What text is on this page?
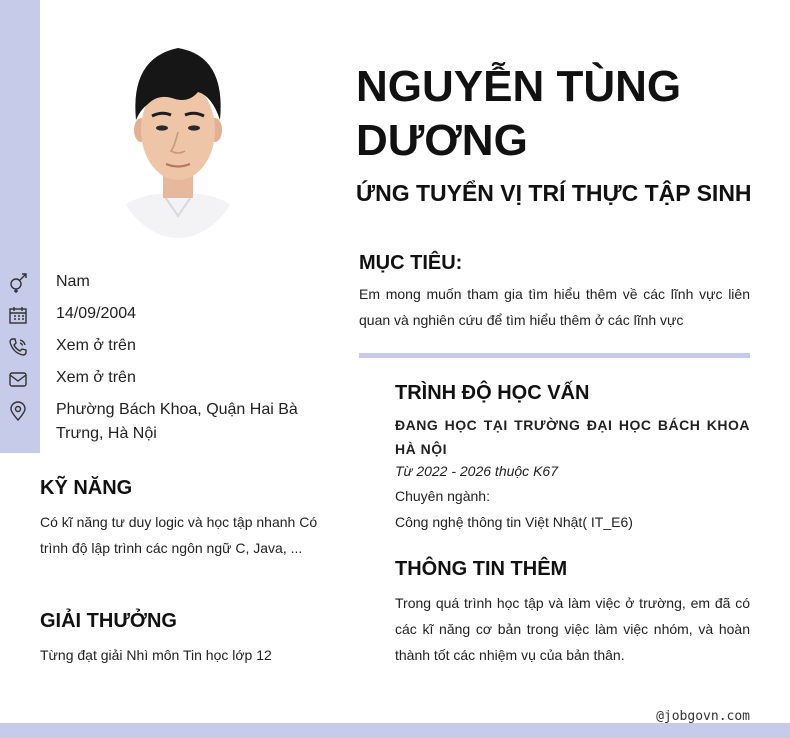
Nam
14/09/2004
Xem ở trên
Xem ở trên
Phường Bách Khoa, Quận Hai Bà Trưng, Hà Nội
KỸ NĂNG
Có kĩ năng tư duy logic và học tập nhanh Có trình độ lập trình các ngôn ngữ C, Java, ...
GIẢI THƯỞNG
Từng đạt giải Nhì môn Tin học lớp 12
NGUYỄN TÙNG DƯƠNG
ỨNG TUYỂN VỊ TRÍ THỰC TẬP SINH
MỤC TIÊU:
Em mong muốn tham gia tìm hiểu thêm về các lĩnh vực liên quan và nghiên cứu để tìm hiểu thêm ở các lĩnh vực
TRÌNH ĐỘ HỌC VẤN
ĐANG HỌC TẠI TRƯỜNG ĐẠI HỌC BÁCH KHOA HÀ NỘI
Từ 2022 - 2026 thuộc K67
Chuyên ngành:
Công nghệ thông tin Việt Nhật( IT_E6)
THÔNG TIN THÊM
Trong quá trình học tập và làm việc ở trường, em đã có các kĩ năng cơ bản trong việc làm việc nhóm, và hoàn thành tốt các nhiệm vụ của bản thân.
@jobgovn.com
